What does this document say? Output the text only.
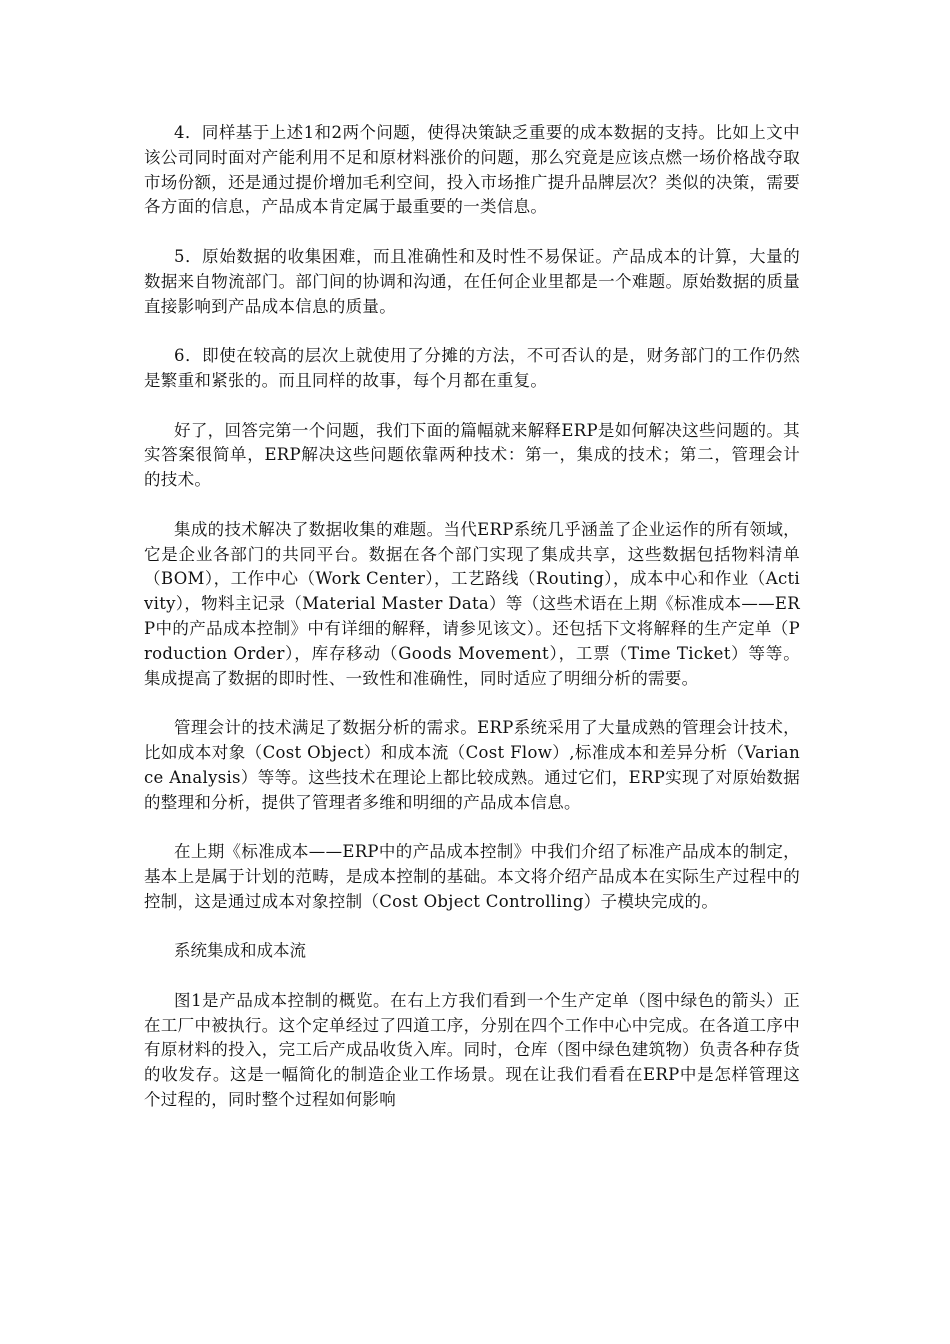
4．同样基于上述1和2两个问题，使得决策缺乏重要的成本数据的支持。比如上文中该公司同时面对产能利用不足和原材料涨价的问题，那么究竟是应该点燃一场价格战夺取市场份额，还是通过提价增加毛利空间，投入市场推广提升品牌层次？类似的决策，需要各方面的信息，产品成本肯定属于最重要的一类信息。

5．原始数据的收集困难，而且准确性和及时性不易保证。产品成本的计算，大量的数据来自物流部门。部门间的协调和沟通，在任何企业里都是一个难题。原始数据的质量直接影响到产品成本信息的质量。

6．即使在较高的层次上就使用了分摊的方法，不可否认的是，财务部门的工作仍然是繁重和紧张的。而且同样的故事，每个月都在重复。

好了，回答完第一个问题，我们下面的篇幅就来解释ERP是如何解决这些问题的。其实答案很简单，ERP解决这些问题依靠两种技术：第一，集成的技术；第二，管理会计的技术。

集成的技术解决了数据收集的难题。当代ERP系统几乎涵盖了企业运作的所有领域，它是企业各部门的共同平台。数据在各个部门实现了集成共享，这些数据包括物料清单（BOM），工作中心（Work Center），工艺路线（Routing），成本中心和作业（Activity），物料主记录（Material Master Data）等（这些术语在上期《标准成本——ERP中的产品成本控制》中有详细的解释，请参见该文）。还包括下文将解释的生产定单（Production Order），库存移动（Goods Movement），工票（Time Ticket）等等。集成提高了数据的即时性、一致性和准确性，同时适应了明细分析的需要。

管理会计的技术满足了数据分析的需求。ERP系统采用了大量成熟的管理会计技术，比如成本对象（Cost Object）和成本流（Cost Flow）,标准成本和差异分析（Variance Analysis）等等。这些技术在理论上都比较成熟。通过它们，ERP实现了对原始数据的整理和分析，提供了管理者多维和明细的产品成本信息。

在上期《标准成本——ERP中的产品成本控制》中我们介绍了标准产品成本的制定，基本上是属于计划的范畴，是成本控制的基础。本文将介绍产品成本在实际生产过程中的控制，这是通过成本对象控制（Cost Object Controlling）子模块完成的。

系统集成和成本流

图1是产品成本控制的概览。在右上方我们看到一个生产定单（图中绿色的箭头）正在工厂中被执行。这个定单经过了四道工序，分别在四个工作中心中完成。在各道工序中有原材料的投入，完工后产成品收货入库。同时，仓库（图中绿色建筑物）负责各种存货的收发存。这是一幅简化的制造企业工作场景。现在让我们看看在ERP中是怎样管理这个过程的，同时整个过程如何影响
